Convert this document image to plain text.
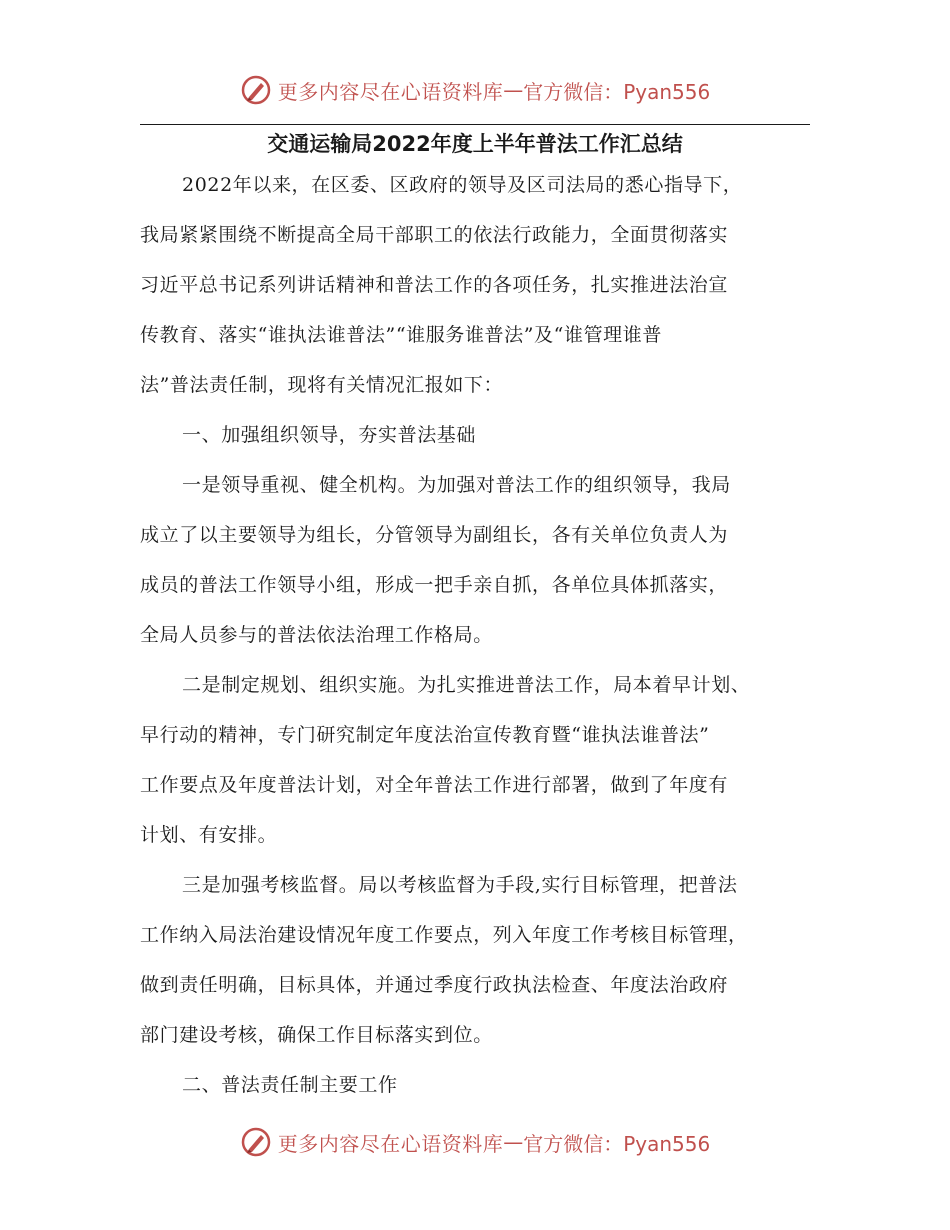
更多内容尽在心语资料库 — 官方微信：Pyan556
交通运输局2022年度上半年普法工作汇总结
2022年以来，在区委、区政府的领导及区司法局的悉心指导下，
我局紧紧围绕不断提高全局干部职工的依法行政能力，全面贯彻落实
习近平总书记系列讲话精神和普法工作的各项任务，扎实推进法治宣
传教育、落实“谁执法谁普法”“谁服务谁普法”及“谁管理谁普
法”普法责任制，现将有关情况汇报如下：
一、加强组织领导，夯实普法基础
一是领导重视、健全机构。为加强对普法工作的组织领导，我局
成立了以主要领导为组长，分管领导为副组长，各有关单位负责人为
成员的普法工作领导小组，形成一把手亲自抓，各单位具体抓落实，
全局人员参与的普法依法治理工作格局。
二是制定规划、组织实施。为扎实推进普法工作，局本着早计划、
早行动的精神，专门研究制定年度法治宣传教育暨“谁执法谁普法”
工作要点及年度普法计划，对全年普法工作进行部署，做到了年度有
计划、有安排。
三是加强考核监督。局以考核监督为手段,实行目标管理，把普法
工作纳入局法治建设情况年度工作要点，列入年度工作考核目标管理，
做到责任明确，目标具体，并通过季度行政执法检查、年度法治政府
部门建设考核，确保工作目标落实到位。
二、普法责任制主要工作
更多内容尽在心语资料库 — 官方微信：Pyan556
